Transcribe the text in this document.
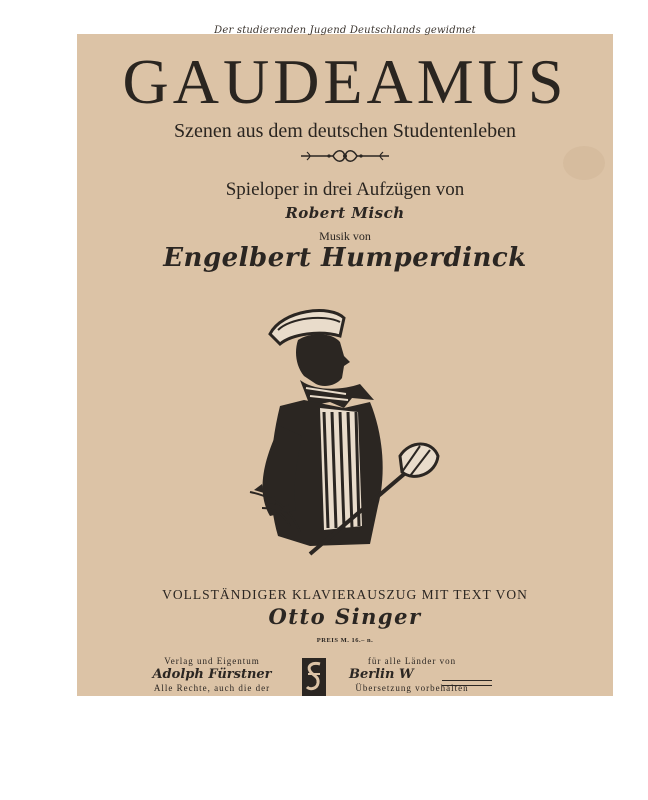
Der studierenden Jugend Deutschlands gewidmet
GAUDEAMUS
Szenen aus dem deutschen Studentenleben
Spieloper in drei Aufzügen von
Robert Misch
Musik von
Engelbert Humperdinck
VOLLSTÄNDIGER KLAVIERAUSZUG MIT TEXT VON
Otto Singer
PREIS M. 16.– n.
Verlag und Eigentum
Adolph Fürstner
Alle Rechte, auch die der
für alle Länder von
Berlin W
Übersetzung vorbehalten
